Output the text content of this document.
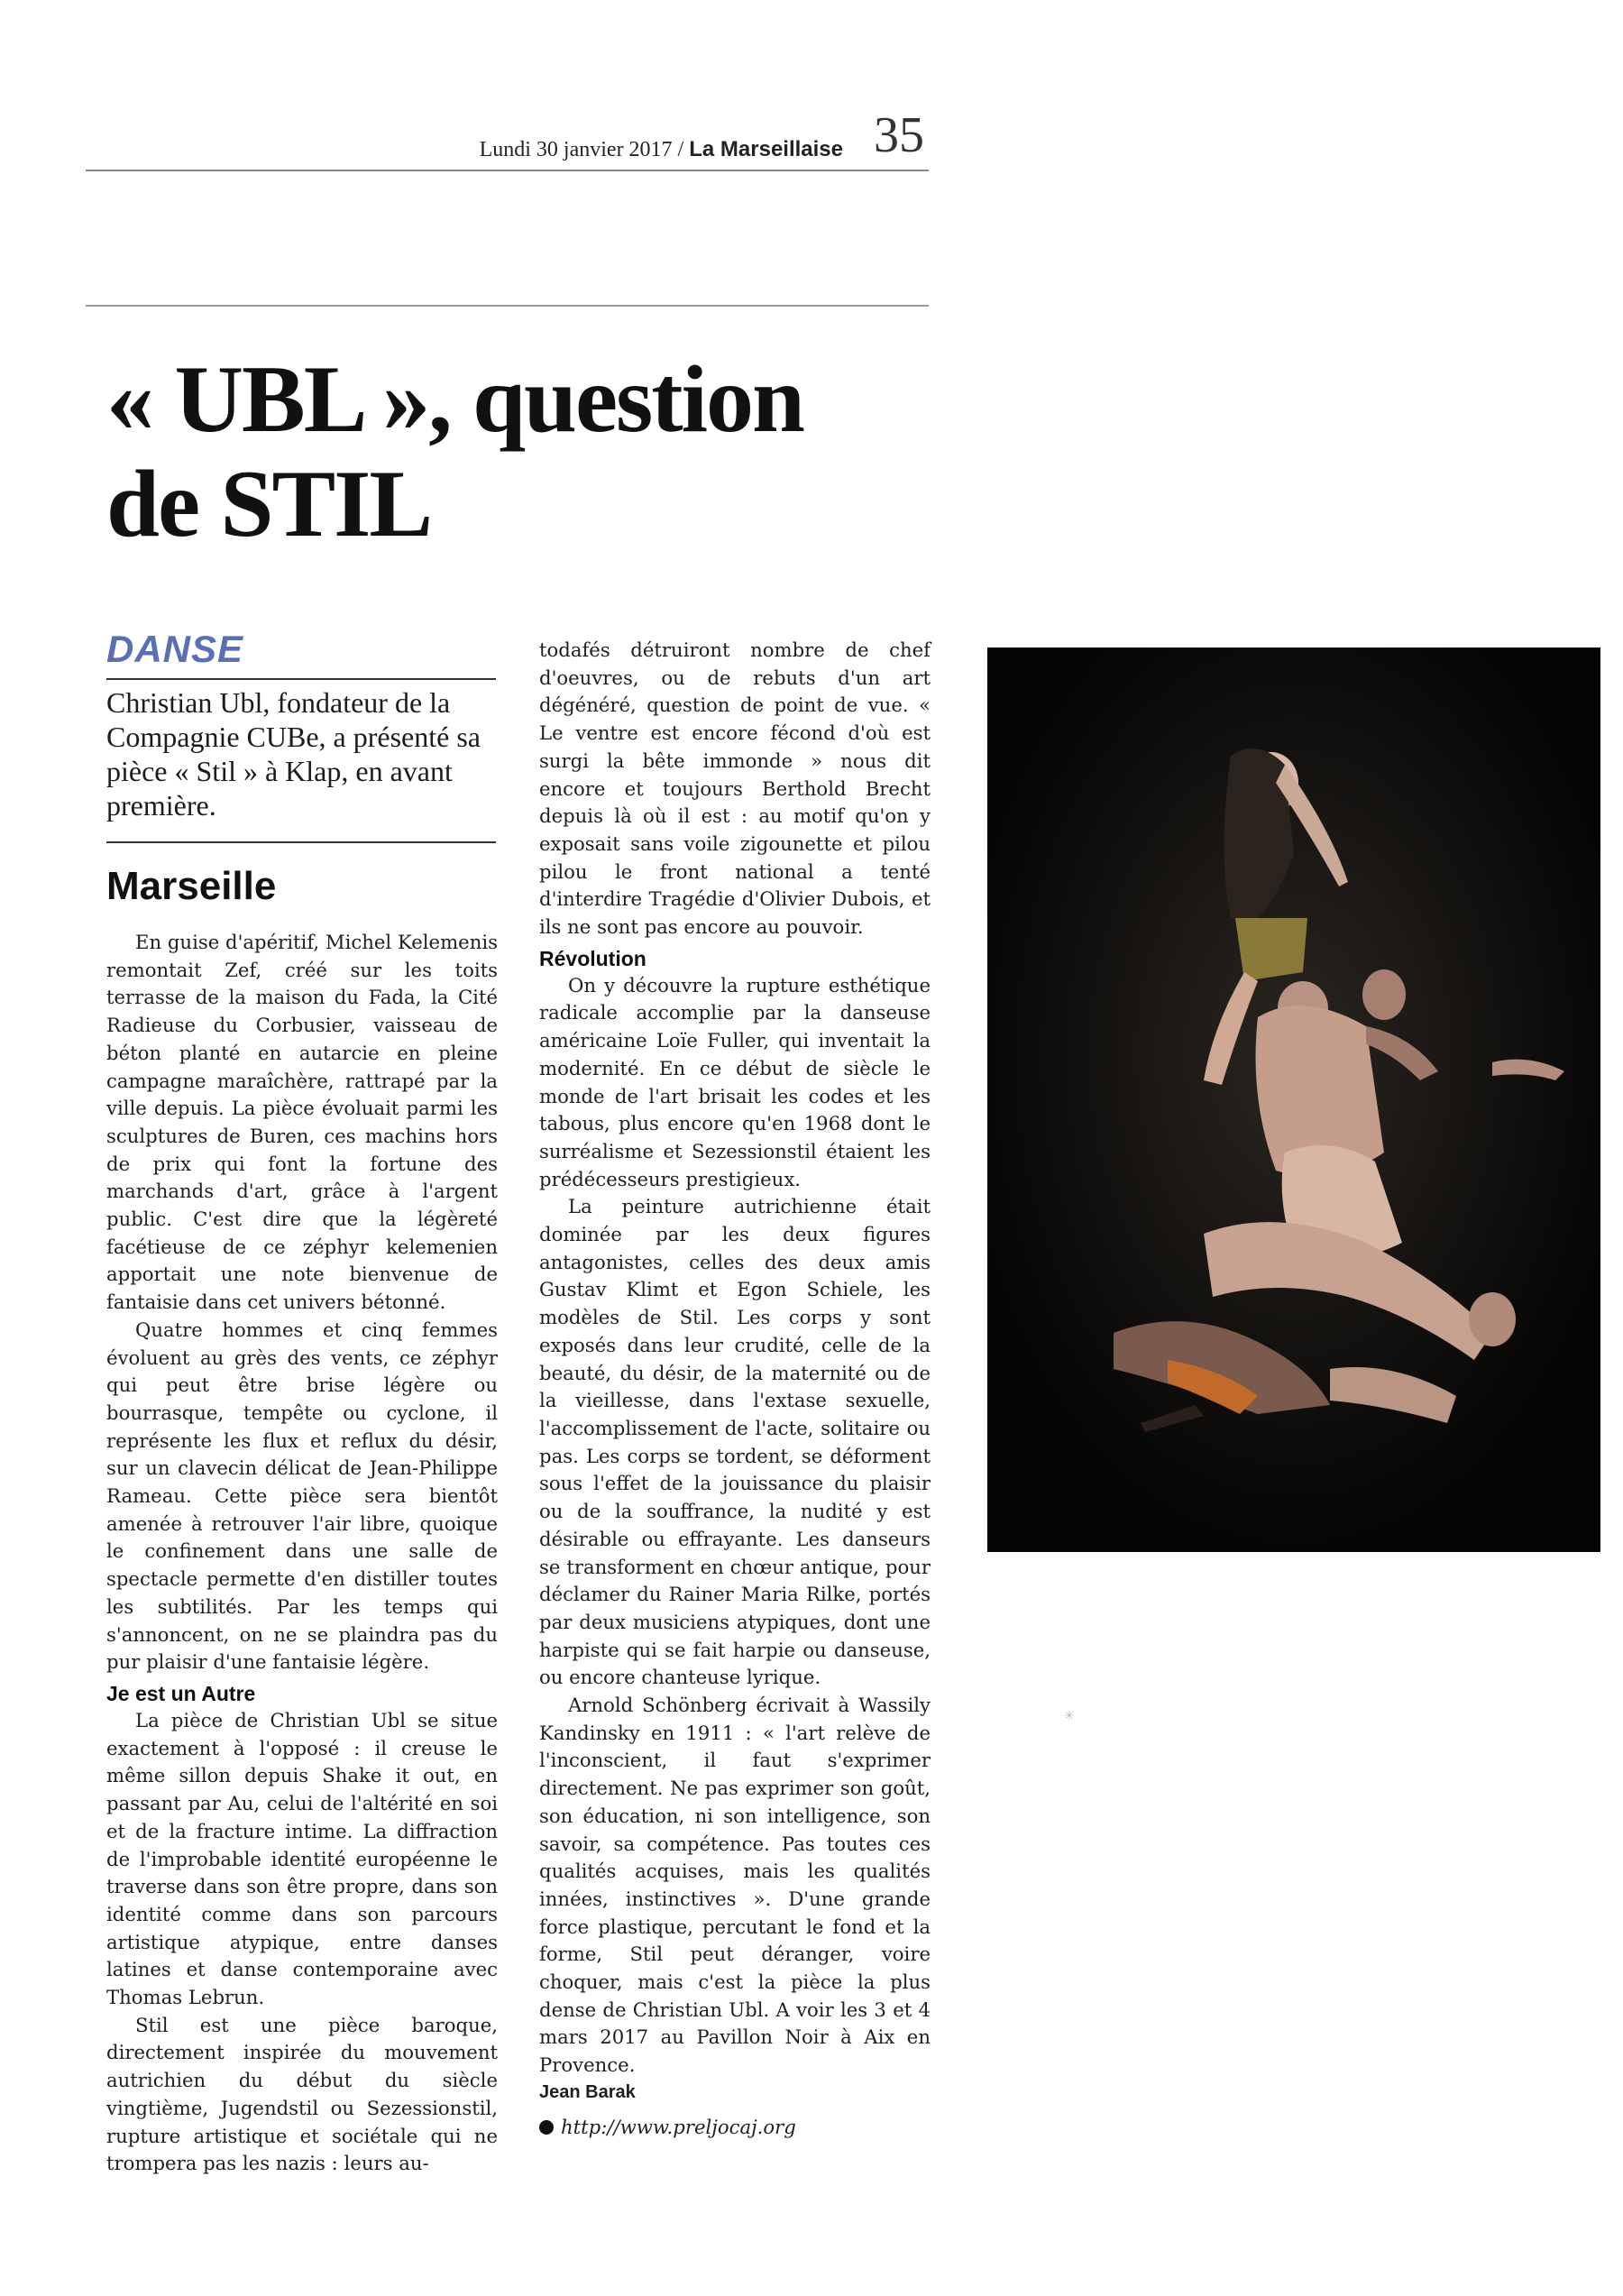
Lundi 30 janvier 2017 / La Marseillaise 35
« UBL », question
de STIL
DANSE
Christian Ubl, fondateur de la Compagnie CUBe, a présenté sa pièce « Stil » à Klap, en avant première.
Marseille

En guise d'apéritif, Michel Kelemenis remontait Zef, créé sur les toits terrasse de la maison du Fada, la Cité Radieuse du Corbusier, vaisseau de béton planté en autarcie en pleine campagne maraîchère, rattrapé par la ville depuis. La pièce évoluait parmi les sculptures de Buren, ces machins hors de prix qui font la fortune des marchands d'art, grâce à l'argent public. C'est dire que la légèreté facétieuse de ce zéphyr kelemenien apportait une note bienvenue de fantaisie dans cet univers bétonné.

Quatre hommes et cinq femmes évoluent au grès des vents, ce zéphyr qui peut être brise légère ou bourrasque, tempête ou cyclone, il représente les flux et reflux du désir, sur un clavecin délicat de Jean-Philippe Rameau. Cette pièce sera bientôt amenée à retrouver l'air libre, quoique le confinement dans une salle de spectacle permette d'en distiller toutes les subtilités. Par les temps qui s'annoncent, on ne se plaindra pas du pur plaisir d'une fantaisie légère.

Je est un Autre

La pièce de Christian Ubl se situe exactement à l'opposé : il creuse le même sillon depuis Shake it out, en passant par Au, celui de l'altérité en soi et de la fracture intime. La diffraction de l'improbable identité européenne le traverse dans son être propre, dans son identité comme dans son parcours artistique atypique, entre danses latines et danse contemporaine avec Thomas Lebrun.

Stil est une pièce baroque, directement inspirée du mouvement autrichien du début du siècle vingtième, Jugendstil ou Sezessionstil, rupture artistique et sociétale qui ne trompera pas les nazis : leurs au-

todafés détruiront nombre de chef d'oeuvres, ou de rebuts d'un art dégénéré, question de point de vue. « Le ventre est encore fécond d'où est surgi la bête immonde » nous dit encore et toujours Berthold Brecht depuis là où il est : au motif qu'on y exposait sans voile zigounette et pilou pilou le front national a tenté d'interdire Tragédie d'Olivier Dubois, et ils ne sont pas encore au pouvoir.

Révolution

On y découvre la rupture esthétique radicale accomplie par la danseuse américaine Loïe Fuller, qui inventait la modernité. En ce début de siècle le monde de l'art brisait les codes et les tabous, plus encore qu'en 1968 dont le surréalisme et Sezessionstil étaient les prédécesseurs prestigieux.

La peinture autrichienne était dominée par les deux figures antagonistes, celles des deux amis Gustav Klimt et Egon Schiele, les modèles de Stil. Les corps y sont exposés dans leur crudité, celle de la beauté, du désir, de la maternité ou de la vieillesse, dans l'extase sexuelle, l'accomplissement de l'acte, solitaire ou pas. Les corps se tordent, se déforment sous l'effet de la jouissance du plaisir ou de la souffrance, la nudité y est désirable ou effrayante. Les danseurs se transforment en chœur antique, pour déclamer du Rainer Maria Rilke, portés par deux musiciens atypiques, dont une harpiste qui se fait harpie ou danseuse, ou encore chanteuse lyrique.

Arnold Schönberg écrivait à Wassily Kandinsky en 1911 : « l'art relève de l'inconscient, il faut s'exprimer directement. Ne pas exprimer son goût, son éducation, ni son intelligence, son savoir, sa compétence. Pas toutes ces qualités acquises, mais les qualités innées, instinctives ». D'une grande force plastique, percutant le fond et la forme, Stil peut déranger, voire choquer, mais c'est la pièce la plus dense de Christian Ubl. A voir les 3 et 4 mars 2017 au Pavillon Noir à Aix en Provence.

Jean Barak
http://www.preljocaj.org
✳
